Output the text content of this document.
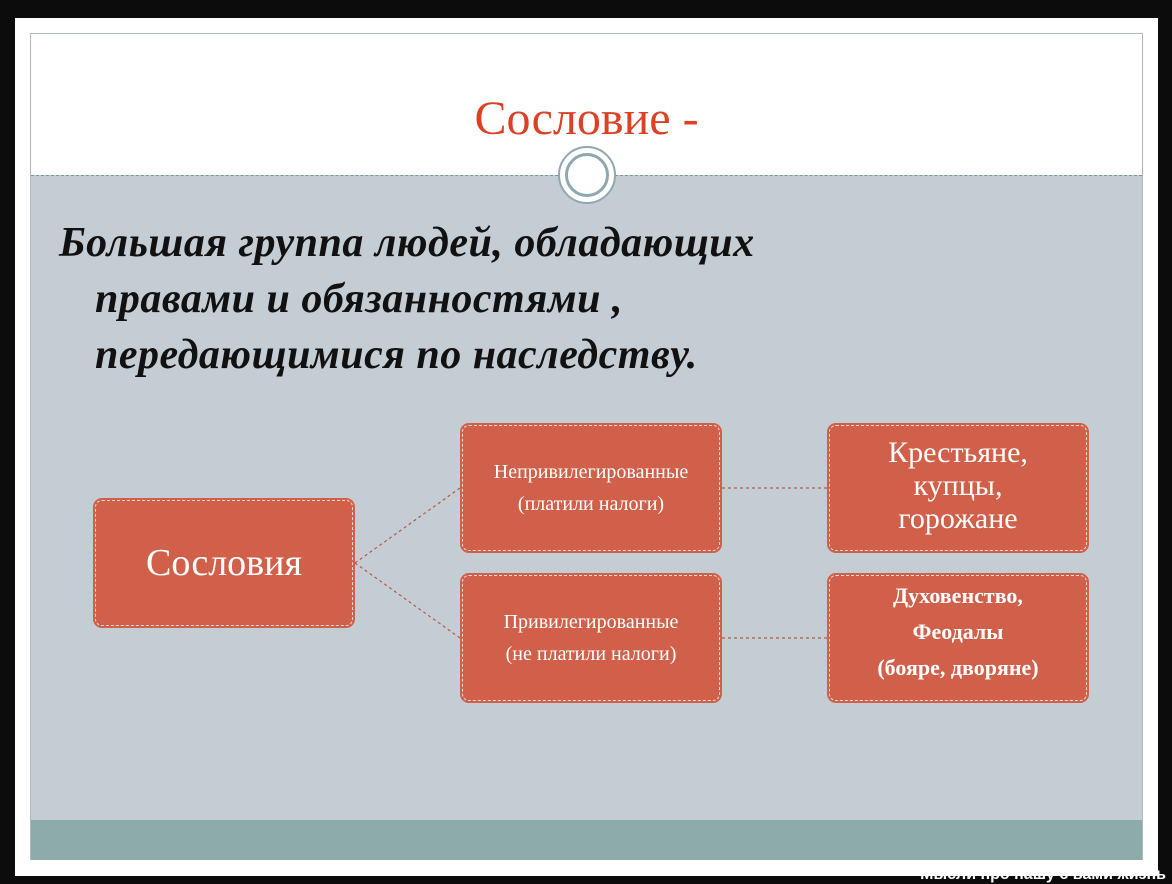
Сословие -
Большая группа людей, обладающих
правами и обязанностями ,
передающимися по наследству.
Сословия
Непривилегированные
(платили налоги)
Привилегированные
(не платили налоги)
Крестьяне,
купцы,
горожане
Духовенство,
Феодалы
(бояре, дворяне)
Мысли про нашу с вами жизнь
